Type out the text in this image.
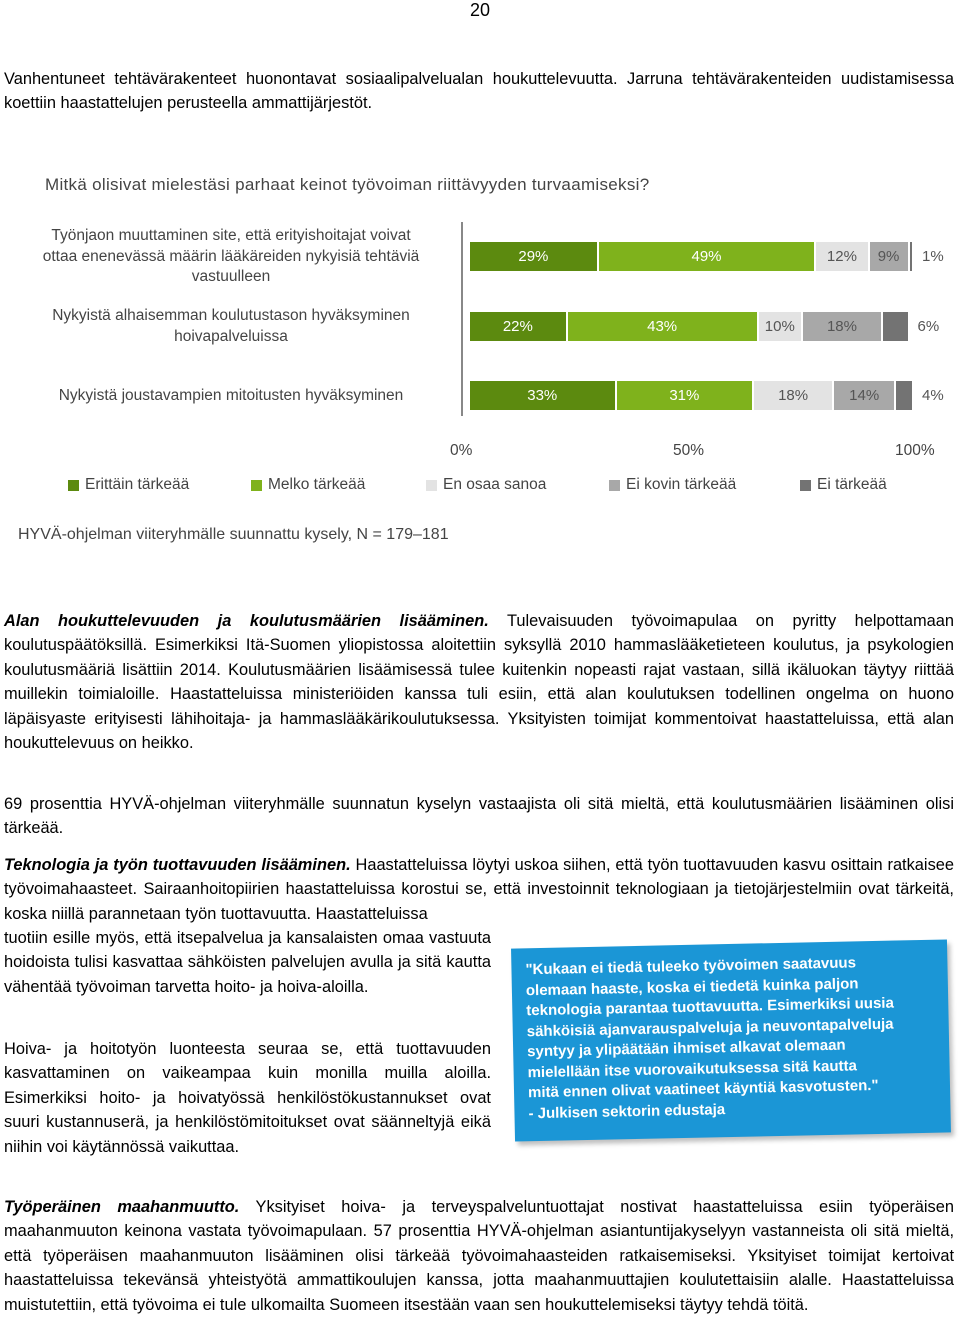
20

Vanhentuneet tehtävärakenteet huonontavat sosiaalipalvelualan houkuttelevuutta. Jarruna tehtävärakenteiden uudistamisessa koettiin haastattelujen perusteella ammattijärjestöt.

Mitkä olisivat mielestäsi parhaat keinot työvoiman riittävyyden turvaamiseksi?
Työnjaon muuttaminen site, että erityishoitajat voivat
ottaa enenevässä määrin lääkäreiden nykyisiä tehtäviä
vastuulleen
Nykyistä alhaisemman koulutustason hyväksyminen
hoivapalveluissa
Nykyistä joustavampien mitoitusten hyväksyminen
29%	49%	12% 9% 1%
22%	43%	10% 18%	6%
33%	31%	18%	14%	4%
0%	50%	100%
Erittäin tärkeää	Melko tärkeää	En osaa sanoa	Ei kovin tärkeää	Ei tärkeää
HYVÄ-ohjelman viiteryhmälle suunnattu kysely, N = 179–181

Alan houkuttelevuuden ja koulutusmäärien lisääminen. Tulevaisuuden työvoimapulaa on pyritty helpottamaan koulutuspäätöksillä. Esimerkiksi Itä-Suomen yliopistossa aloitettiin syksyllä 2010 hammaslääketieteen koulutus, ja psykologien koulutusmääriä lisättiin 2014. Koulutusmäärien lisäämisessä tulee kuitenkin nopeasti rajat vastaan, sillä ikäluokan täytyy riittää muillekin toimialoille. Haastatteluissa ministeriöiden kanssa tuli esiin, että alan koulutuksen todellinen ongelma on huono läpäisyaste erityisesti lähihoitaja- ja hammaslääkärikoulutuksessa. Yksityisten toimijat kommentoivat haastatteluissa, että alan houkuttelevuus on heikko.

69 prosenttia HYVÄ-ohjelman viiteryhmälle suunnatun kyselyn vastaajista oli sitä mieltä, että koulutusmäärien lisääminen olisi tärkeää.

Teknologia ja työn tuottavuuden lisääminen. Haastatteluissa löytyi uskoa siihen, että työn tuottavuuden kasvu osittain ratkaisee työvoimahaasteet. Sairaanhoitopiirien haastatteluissa korostui se, että investoinnit teknologiaan ja tietojärjestelmiin ovat tärkeitä, koska niillä parannetaan työn tuottavuutta. Haastatteluissa

tuotiin esille myös, että itsepalvelua ja kansalaisten omaa vastuuta hoidoista tulisi kasvattaa sähköisten palvelujen avulla ja sitä kautta vähentää työvoiman tarvetta hoito- ja hoiva-aloilla.

Hoiva- ja hoitotyön luonteesta seuraa se, että tuottavuuden kasvattaminen on vaikeampaa kuin monilla muilla aloilla. Esimerkiksi hoito- ja hoivatyössä henkilöstökustannukset ovat suuri kustannuserä, ja henkilöstömitoitukset ovat säänneltyjä eikä niihin voi käytännössä vaikuttaa.

"Kukaan ei tiedä tuleeko työvoimen saatavuus
olemaan haaste, koska ei tiedetä kuinka paljon
teknologia parantaa tuottavuutta. Esimerkiksi uusia
sähköisiä ajanvarauspalveluja ja neuvontapalveluja
syntyy ja ylipäätään ihmiset alkavat olemaan
mielellään itse vuorovaikutuksessa sitä kautta
mitä ennen olivat vaatineet käyntiä kasvotusten."
- Julkisen sektorin edustaja

Työperäinen maahanmuutto. Yksityiset hoiva- ja terveyspalveluntuottajat nostivat haastatteluissa esiin työperäisen maahanmuuton keinona vastata työvoimapulaan. 57 prosenttia HYVÄ-ohjelman asiantuntijakyselyyn vastanneista oli sitä mieltä, että työperäisen maahanmuuton lisääminen olisi tärkeää työvoimahaasteiden ratkaisemiseksi. Yksityiset toimijat kertoivat haastatteluissa tekevänsä yhteistyötä ammattikoulujen kanssa, jotta maahanmuuttajien koulutettaisiin alalle. Haastatteluissa muistutettiin, että työvoima ei tule ulkomailta Suomeen itsestään vaan sen houkuttelemiseksi täytyy tehdä töitä.
